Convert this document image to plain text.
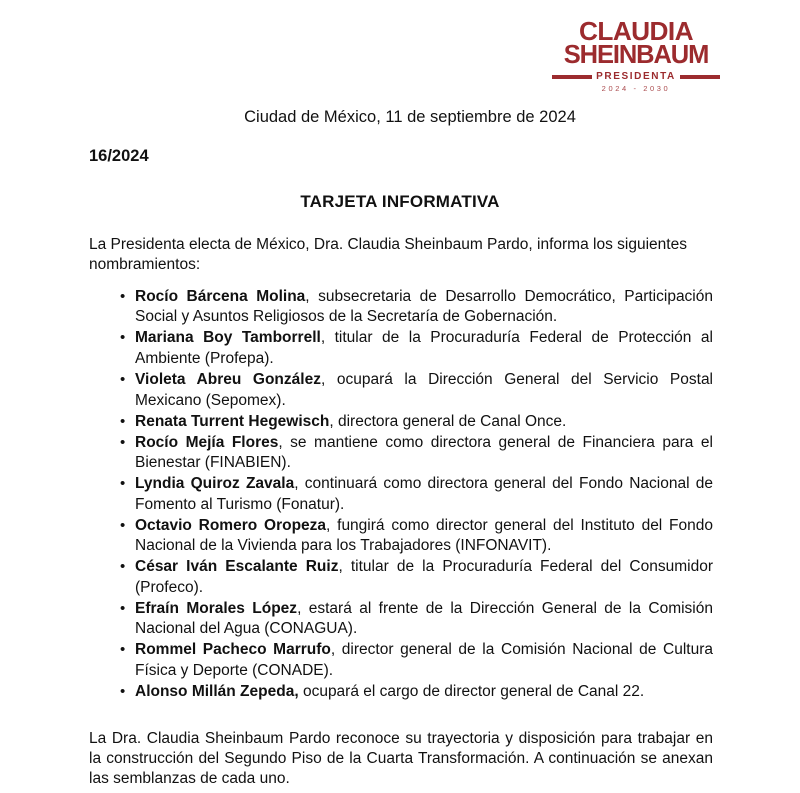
CLAUDIA
SHEINBAUM
PRESIDENTA
2024 - 2030
Ciudad de México, 11 de septiembre de 2024
16/2024
TARJETA INFORMATIVA

La Presidenta electa de México, Dra. Claudia Sheinbaum Pardo, informa los siguientes nombramientos:

• Rocío Bárcena Molina, subsecretaria de Desarrollo Democrático, Participación Social y Asuntos Religiosos de la Secretaría de Gobernación.
• Mariana Boy Tamborrell, titular de la Procuraduría Federal de Protección al Ambiente (Profepa).
• Violeta Abreu González, ocupará la Dirección General del Servicio Postal Mexicano (Sepomex).
• Renata Turrent Hegewisch, directora general de Canal Once.
• Rocío Mejía Flores, se mantiene como directora general de Financiera para el Bienestar (FINABIEN).
• Lyndia Quiroz Zavala, continuará como directora general del Fondo Nacional de Fomento al Turismo (Fonatur).
• Octavio Romero Oropeza, fungirá como director general del Instituto del Fondo Nacional de la Vivienda para los Trabajadores (INFONAVIT).
• César Iván Escalante Ruiz, titular de la Procuraduría Federal del Consumidor (Profeco).
• Efraín Morales López, estará al frente de la Dirección General de la Comisión Nacional del Agua (CONAGUA).
• Rommel Pacheco Marrufo, director general de la Comisión Nacional de Cultura Física y Deporte (CONADE).
• Alonso Millán Zepeda, ocupará el cargo de director general de Canal 22.

La Dra. Claudia Sheinbaum Pardo reconoce su trayectoria y disposición para trabajar en la construcción del Segundo Piso de la Cuarta Transformación. A continuación se anexan las semblanzas de cada uno.
